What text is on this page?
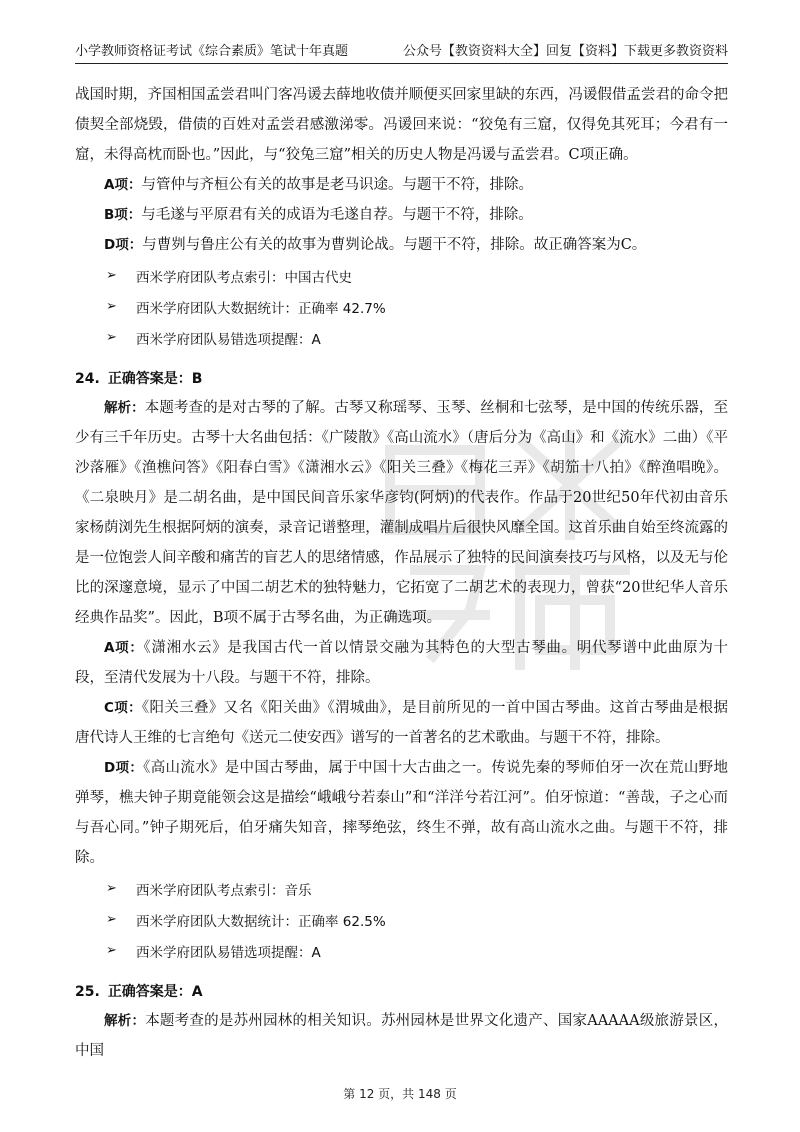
小学教师资格证考试《综合素质》笔试十年真题	公众号【教资资料大全】回复【资料】下载更多教资资料

战国时期，齐国相国孟尝君叫门客冯谖去薛地收债并顺便买回家里缺的东西，冯谖假借孟尝君的命令把债契全部烧毁，借债的百姓对孟尝君感激涕零。冯谖回来说：“狡兔有三窟，仅得免其死耳；今君有一窟，未得高枕而卧也。”因此，与“狡兔三窟”相关的历史人物是冯谖与孟尝君。C项正确。

A项：与管仲与齐桓公有关的故事是老马识途。与题干不符，排除。

B项：与毛遂与平原君有关的成语为毛遂自荐。与题干不符，排除。

D项：与曹刿与鲁庄公有关的故事为曹刿论战。与题干不符，排除。故正确答案为C。

➢	西米学府团队考点索引：中国古代史
➢	西米学府团队大数据统计：正确率 42.7%
➢	西米学府团队易错选项提醒：A
24. 正确答案是：B

解析：本题考查的是对古琴的了解。古琴又称瑶琴、玉琴、丝桐和七弦琴，是中国的传统乐器，至少有三千年历史。古琴十大名曲包括：《广陵散》《高山流水》（唐后分为《高山》和《流水》二曲）《平沙落雁》《渔樵问答》《阳春白雪》《潇湘水云》《阳关三叠》《梅花三弄》《胡笳十八拍》《醉渔唱晚》。《二泉映月》是二胡名曲，是中国民间音乐家华彦钧(阿炳)的代表作。作品于20世纪50年代初由音乐家杨荫浏先生根据阿炳的演奏，录音记谱整理，灌制成唱片后很快风靡全国。这首乐曲自始至终流露的是一位饱尝人间辛酸和痛苦的盲艺人的思绪情感，作品展示了独特的民间演奏技巧与风格，以及无与伦比的深邃意境，显示了中国二胡艺术的独特魅力，它拓宽了二胡艺术的表现力，曾获“20世纪华人音乐经典作品奖”。因此，B项不属于古琴名曲，为正确选项。

A项：《潇湘水云》是我国古代一首以情景交融为其特色的大型古琴曲。明代琴谱中此曲原为十段，至清代发展为十八段。与题干不符，排除。

C项：《阳关三叠》又名《阳关曲》《渭城曲》，是目前所见的一首中国古琴曲。这首古琴曲是根据唐代诗人王维的七言绝句《送元二使安西》谱写的一首著名的艺术歌曲。与题干不符，排除。

D项：《高山流水》是中国古琴曲，属于中国十大古曲之一。传说先秦的琴师伯牙一次在荒山野地弹琴，樵夫钟子期竟能领会这是描绘“峨峨兮若泰山”和“洋洋兮若江河”。伯牙惊道：“善哉，子之心而与吾心同。”钟子期死后，伯牙痛失知音，摔琴绝弦，终生不弹，故有高山流水之曲。与题干不符，排除。

➢	西米学府团队考点索引：音乐
➢	西米学府团队大数据统计：正确率 62.5%
➢	西米学府团队易错选项提醒：A
25. 正确答案是：A

解析：本题考查的是苏州园林的相关知识。苏州园林是世界文化遗产、国家AAAAA级旅游景区，中国

第 12 页，共 148 页
